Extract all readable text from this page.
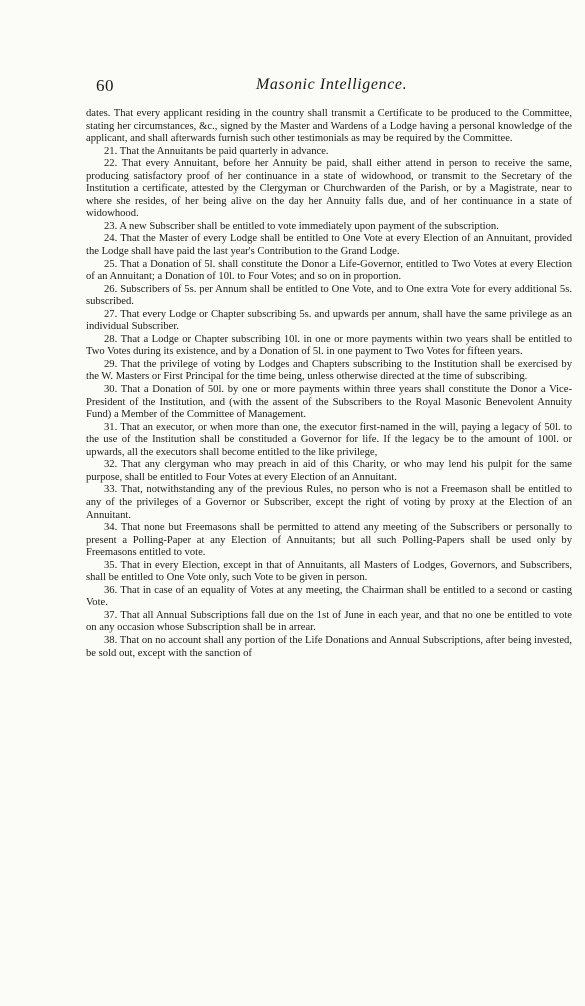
60	Masonic Intelligence.

dates. That every applicant residing in the country shall transmit a Certificate to be produced to the Committee, stating her circumstances, &c., signed by the Master and Wardens of a Lodge having a personal knowledge of the applicant, and shall afterwards furnish such other testimonials as may be required by the Committee.

21. That the Annuitants be paid quarterly in advance.

22. That every Annuitant, before her Annuity be paid, shall either attend in person to receive the same, producing satisfactory proof of her continuance in a state of widowhood, or transmit to the Secretary of the Institution a certificate, attested by the Clergyman or Churchwarden of the Parish, or by a Magistrate, near to where she resides, of her being alive on the day her Annuity falls due, and of her continuance in a state of widowhood.

23. A new Subscriber shall be entitled to vote immediately upon payment of the subscription.

24. That the Master of every Lodge shall be entitled to One Vote at every Election of an Annuitant, provided the Lodge shall have paid the last year's Contribution to the Grand Lodge.

25. That a Donation of 5l. shall constitute the Donor a Life-Governor, entitled to Two Votes at every Election of an Annuitant; a Donation of 10l. to Four Votes; and so on in proportion.

26. Subscribers of 5s. per Annum shall be entitled to One Vote, and to One extra Vote for every additional 5s. subscribed.

27. That every Lodge or Chapter subscribing 5s. and upwards per annum, shall have the same privilege as an individual Subscriber.

28. That a Lodge or Chapter subscribing 10l. in one or more payments within two years shall be entitled to Two Votes during its existence, and by a Donation of 5l. in one payment to Two Votes for fifteen years.

29. That the privilege of voting by Lodges and Chapters subscribing to the Institution shall be exercised by the W. Masters or First Principal for the time being, unless otherwise directed at the time of subscribing.

30. That a Donation of 50l. by one or more payments within three years shall constitute the Donor a Vice-President of the Institution, and (with the assent of the Subscribers to the Royal Masonic Benevolent Annuity Fund) a Member of the Committee of Management.

31. That an executor, or when more than one, the executor first-named in the will, paying a legacy of 50l. to the use of the Institution shall be constituded a Governor for life. If the legacy be to the amount of 100l. or upwards, all the executors shall become entitled to the like privilege,

32. That any clergyman who may preach in aid of this Charity, or who may lend his pulpit for the same purpose, shall be entitled to Four Votes at every Election of an Annuitant.

33. That, notwithstanding any of the previous Rules, no person who is not a Freemason shall be entitled to any of the privileges of a Governor or Subscriber, except the right of voting by proxy at the Election of an Annuitant.

34. That none but Freemasons shall be permitted to attend any meeting of the Subscribers or personally to present a Polling-Paper at any Election of Annuitants; but all such Polling-Papers shall be used only by Freemasons entitled to vote.

35. That in every Election, except in that of Annuitants, all Masters of Lodges, Governors, and Subscribers, shall be entitled to One Vote only, such Vote to be given in person.

36. That in case of an equality of Votes at any meeting, the Chairman shall be entitled to a second or casting Vote.

37. That all Annual Subscriptions fall due on the 1st of June in each year, and that no one be entitled to vote on any occasion whose Subscription shall be in arrear.

38. That on no account shall any portion of the Life Donations and Annual Subscriptions, after being invested, be sold out, except with the sanction of
